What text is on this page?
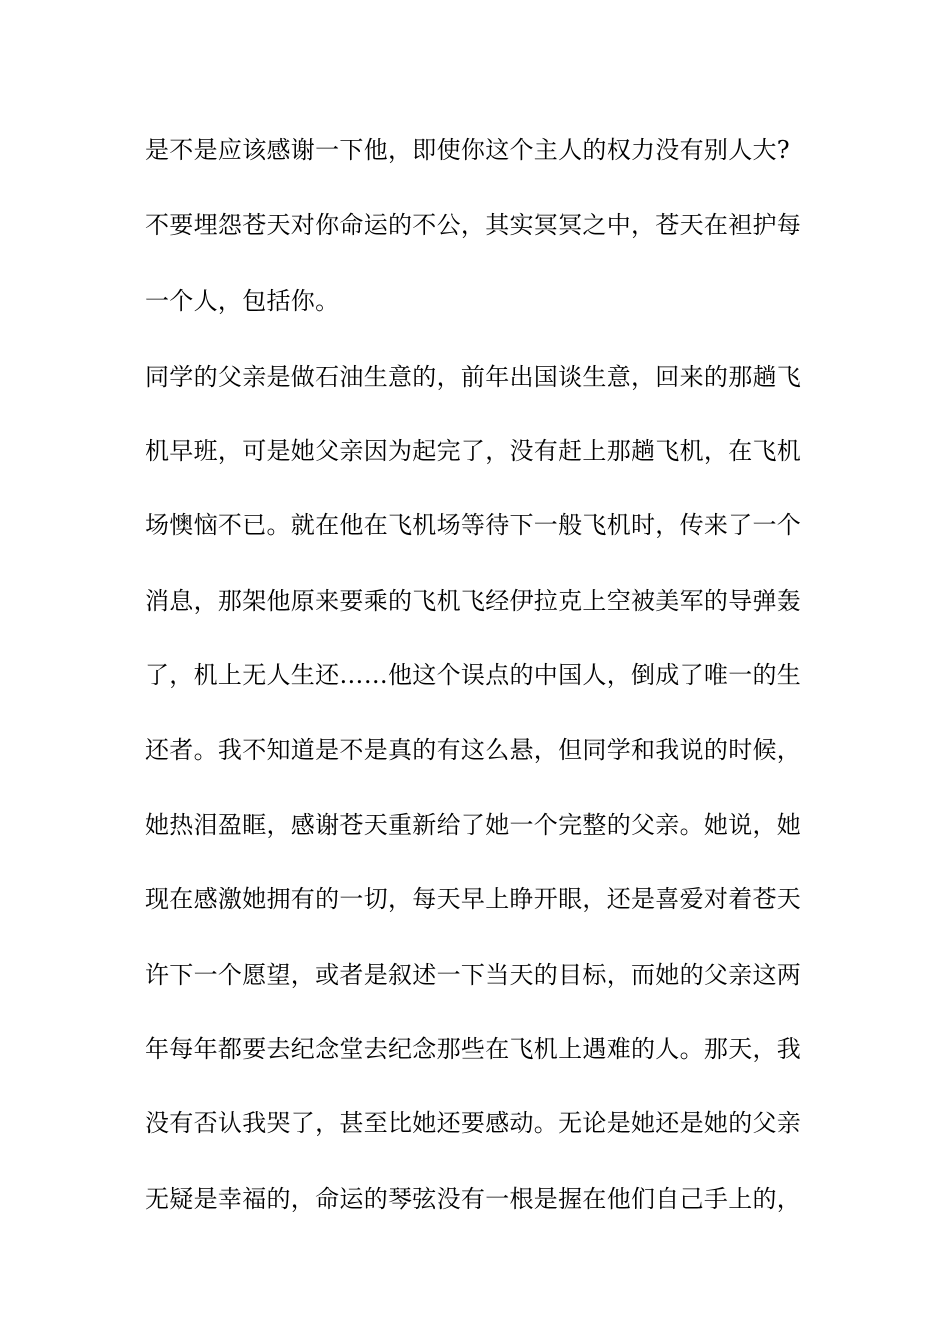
是不是应该感谢一下他，即使你这个主人的权力没有别人大?
不要埋怨苍天对你命运的不公，其实冥冥之中，苍天在袒护每
一个人，包括你。
同学的父亲是做石油生意的，前年出国谈生意，回来的那趟飞
机早班，可是她父亲因为起完了，没有赶上那趟飞机，在飞机
场懊恼不已。就在他在飞机场等待下一般飞机时，传来了一个
消息，那架他原来要乘的飞机飞经伊拉克上空被美军的导弹轰
了，机上无人生还……他这个误点的中国人，倒成了唯一的生
还者。我不知道是不是真的有这么悬，但同学和我说的时候，
她热泪盈眶，感谢苍天重新给了她一个完整的父亲。她说，她
现在感激她拥有的一切，每天早上睁开眼，还是喜爱对着苍天
许下一个愿望，或者是叙述一下当天的目标，而她的父亲这两
年每年都要去纪念堂去纪念那些在飞机上遇难的人。那天，我
没有否认我哭了，甚至比她还要感动。无论是她还是她的父亲
无疑是幸福的，命运的琴弦没有一根是握在他们自己手上的，
